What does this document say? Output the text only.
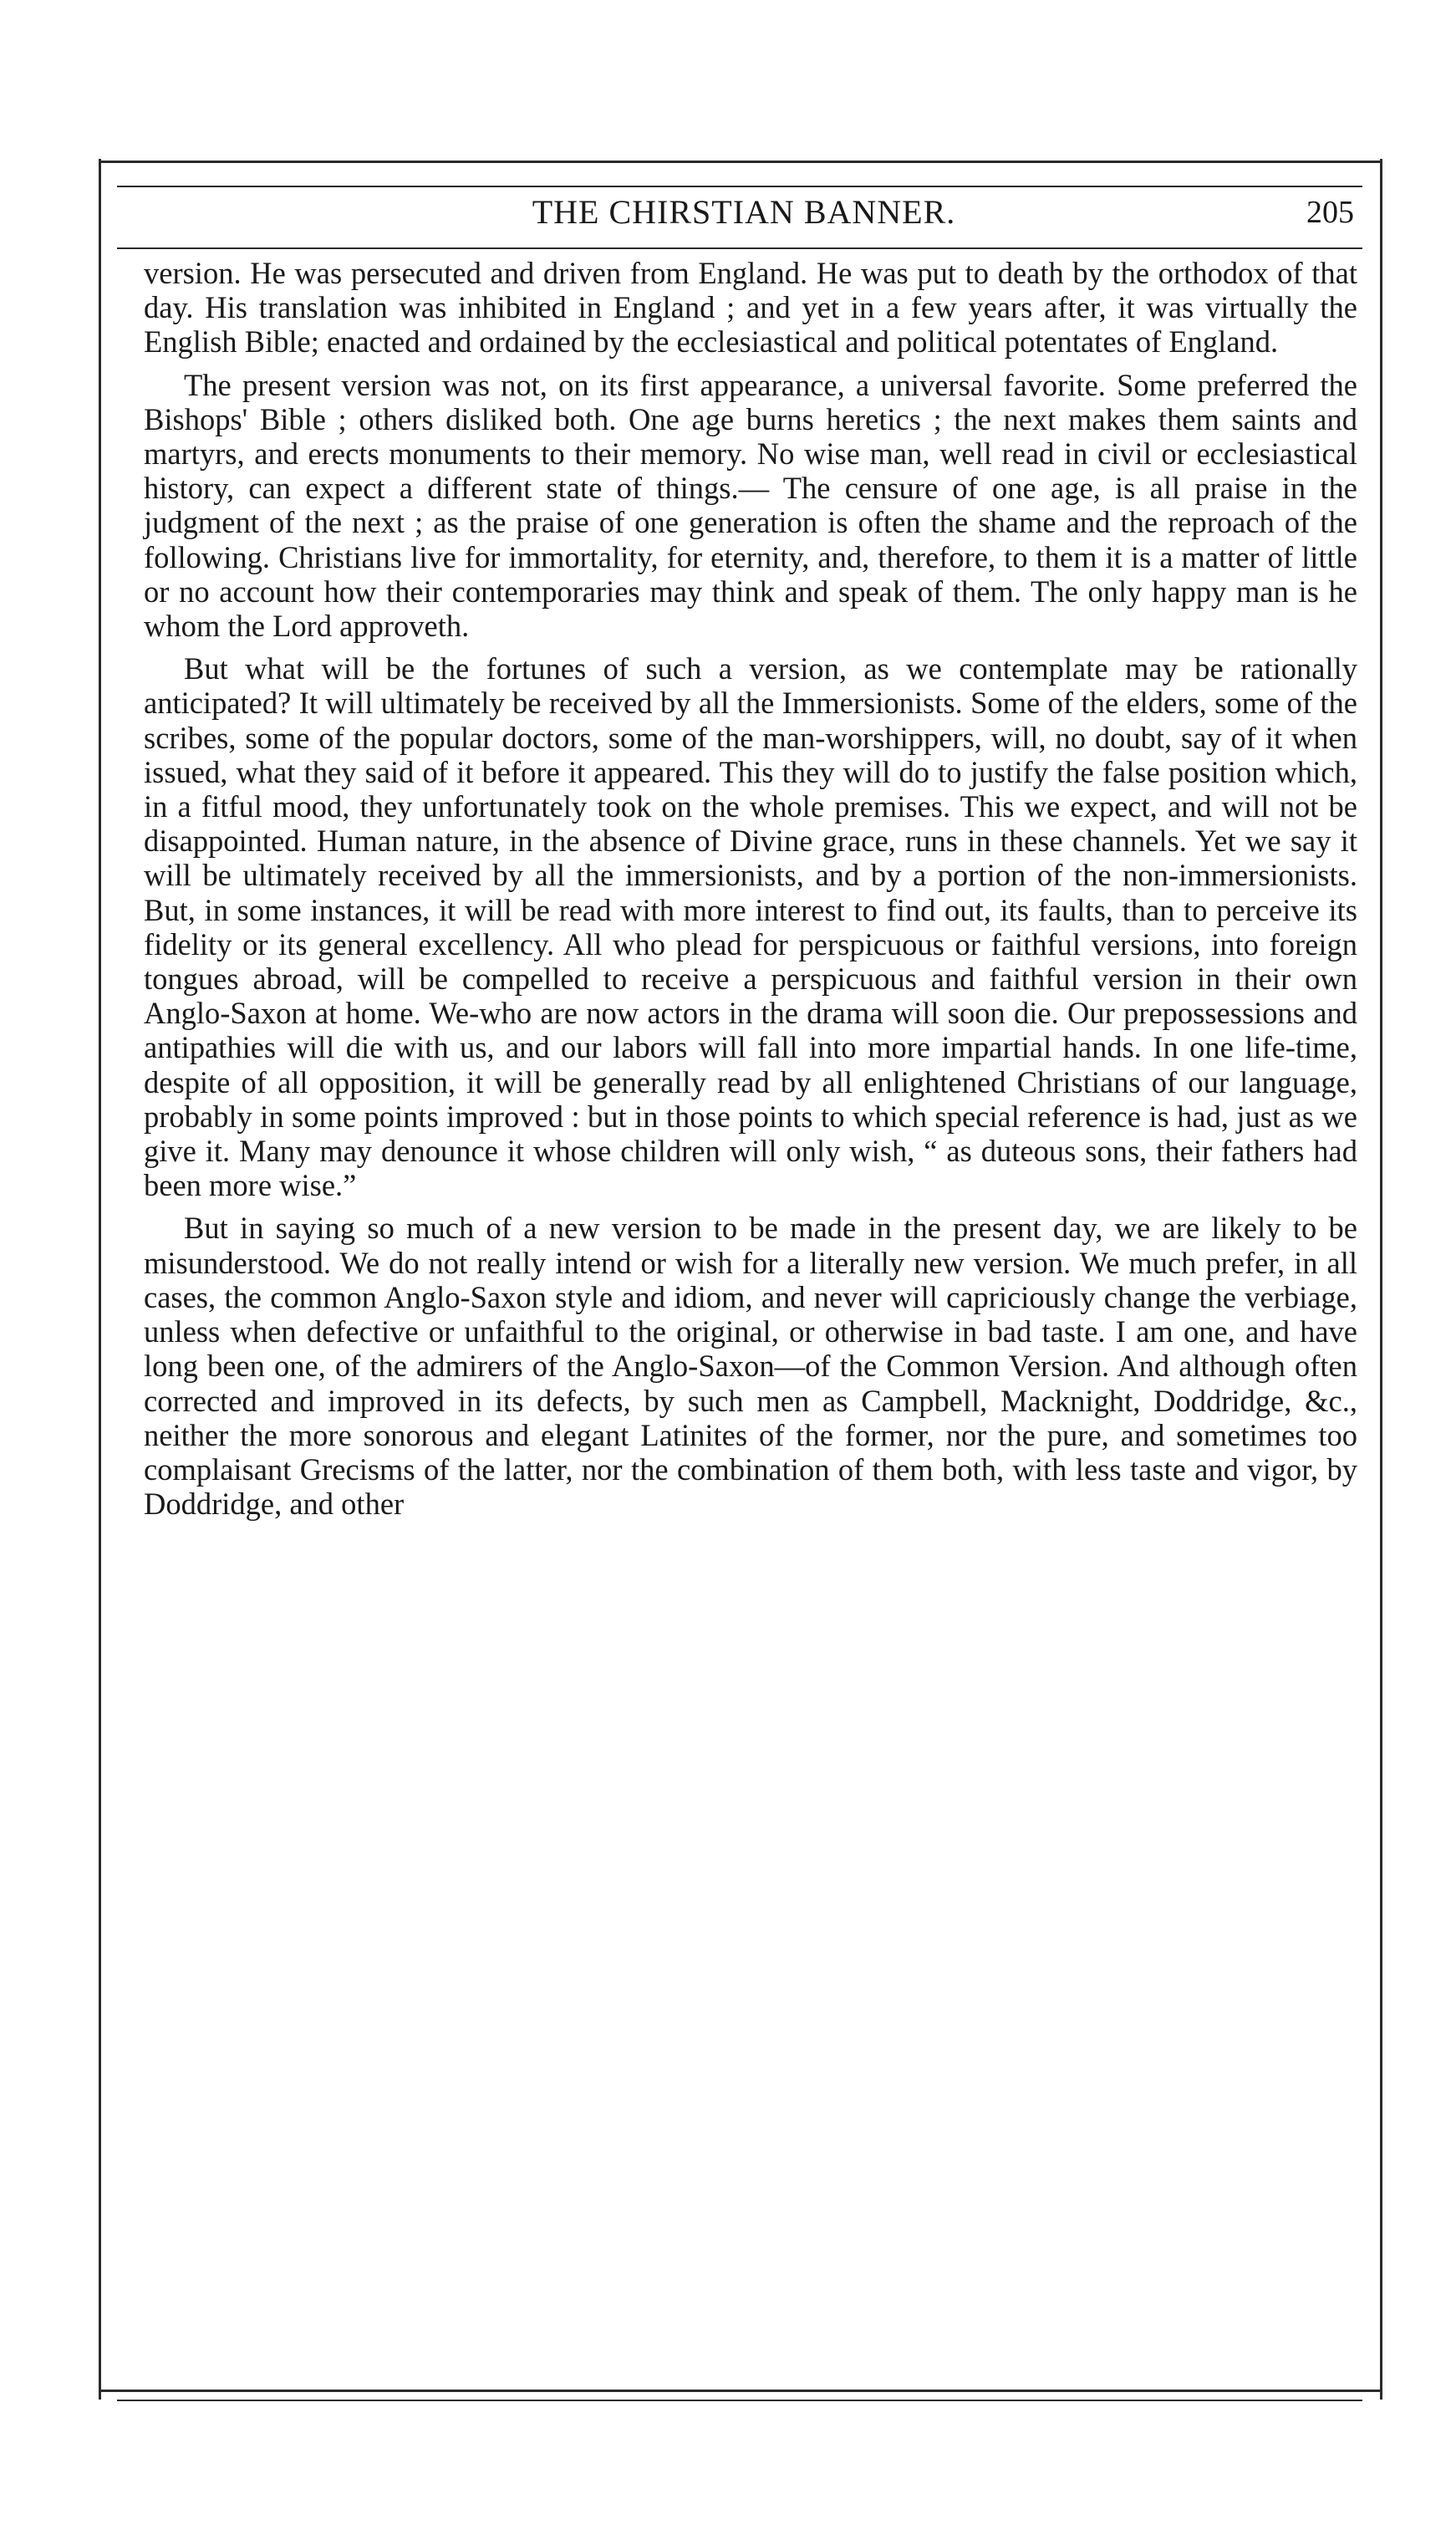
THE CHIRSTIAN BANNER.	205

version. He was persecuted and driven from England. He was put to death by the orthodox of that day. His translation was inhibited in England ; and yet in a few years after, it was virtually the English Bible; enacted and ordained by the ecclesiastical and political potentates of England.

The present version was not, on its first appearance, a universal favorite. Some preferred the Bishops' Bible ; others disliked both. One age burns heretics ; the next makes them saints and martyrs, and erects monuments to their memory. No wise man, well read in civil or ecclesiastical history, can expect a different state of things.— The censure of one age, is all praise in the judgment of the next ; as the praise of one generation is often the shame and the reproach of the following. Christians live for immortality, for eternity, and, therefore, to them it is a matter of little or no account how their contemporaries may think and speak of them. The only happy man is he whom the Lord approveth.

But what will be the fortunes of such a version, as we contemplate may be rationally anticipated? It will ultimately be received by all the Immersionists. Some of the elders, some of the scribes, some of the popular doctors, some of the man-worshippers, will, no doubt, say of it when issued, what they said of it before it appeared. This they will do to justify the false position which, in a fitful mood, they unfortunately took on the whole premises. This we expect, and will not be disappointed. Human nature, in the absence of Divine grace, runs in these channels. Yet we say it will be ultimately received by all the immersionists, and by a portion of the non-immersionists. But, in some instances, it will be read with more interest to find out, its faults, than to perceive its fidelity or its general excellency. All who plead for perspicuous or faithful versions, into foreign tongues abroad, will be compelled to receive a perspicuous and faithful version in their own Anglo-Saxon at home. We-who are now actors in the drama will soon die. Our prepossessions and antipathies will die with us, and our labors will fall into more impartial hands. In one life-time, despite of all opposition, it will be generally read by all enlightened Christians of our language, probably in some points improved : but in those points to which special reference is had, just as we give it. Many may denounce it whose children will only wish, “ as duteous sons, their fathers had been more wise.”

But in saying so much of a new version to be made in the present day, we are likely to be misunderstood. We do not really intend or wish for a literally new version. We much prefer, in all cases, the common Anglo-Saxon style and idiom, and never will capriciously change the verbiage, unless when defective or unfaithful to the original, or otherwise in bad taste. I am one, and have long been one, of the admirers of the Anglo-Saxon—of the Common Version. And although often corrected and improved in its defects, by such men as Campbell, Macknight, Doddridge, &c., neither the more sonorous and elegant Latinites of the former, nor the pure, and sometimes too complaisant Grecisms of the latter, nor the combination of them both, with less taste and vigor, by Doddridge, and other
